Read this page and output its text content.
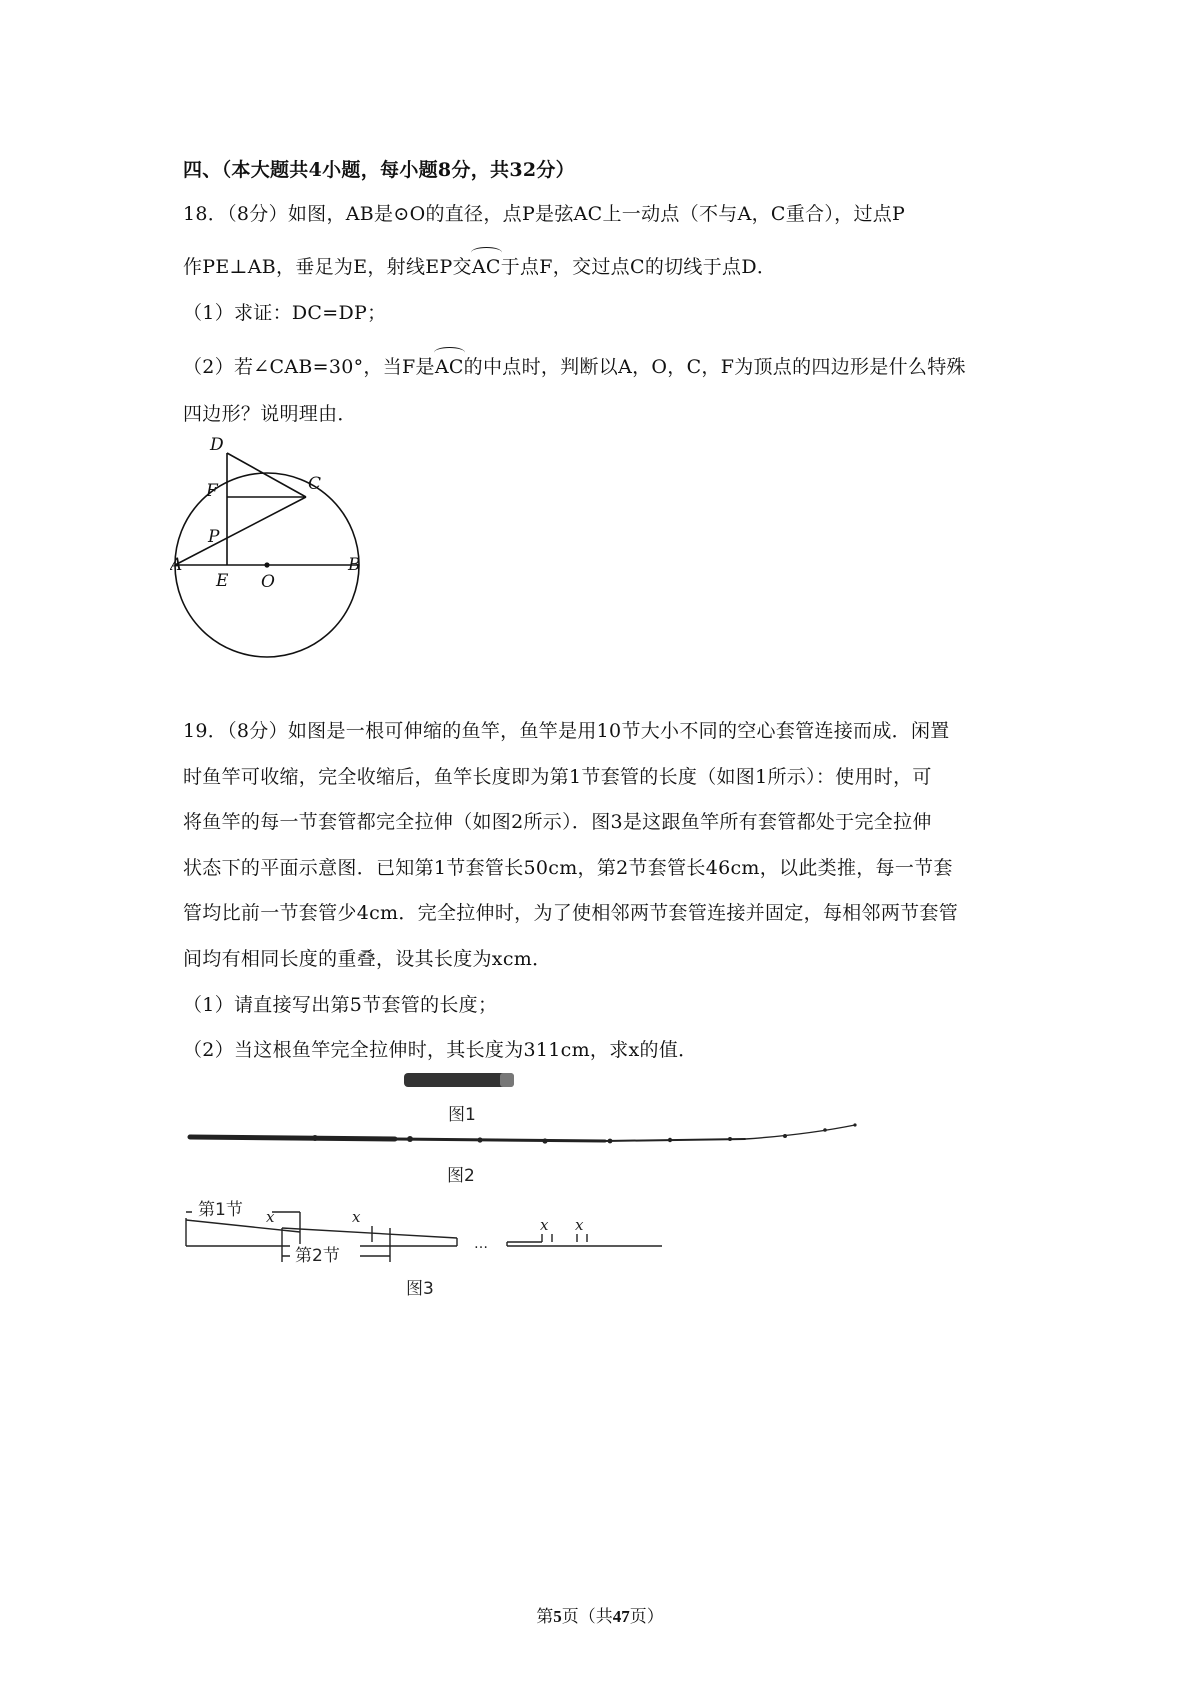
四、（本大题共4小题，每小题8分，共32分）
18．（8分）如图，AB是⊙O的直径，点P是弦AC上一动点（不与A，C重合），过点P
作PE⊥AB，垂足为E，射线EP交AC于点F，交过点C的切线于点D．
（1）求证：DC=DP；
（2）若∠CAB=30°，当F是AC的中点时，判断以A，O，C，F为顶点的四边形是什么特殊
四边形？说明理由．
D
F	C
P
A
E O
B
19．（8分）如图是一根可伸缩的鱼竿，鱼竿是用10节大小不同的空心套管连接而成．闲置
时鱼竿可收缩，完全收缩后，鱼竿长度即为第1节套管的长度（如图1所示）：使用时，可
将鱼竿的每一节套管都完全拉伸（如图2所示）．图3是这跟鱼竿所有套管都处于完全拉伸
状态下的平面示意图．已知第1节套管长50cm，第2节套管长46cm，以此类推，每一节套
管均比前一节套管少4cm．完全拉伸时，为了使相邻两节套管连接并固定，每相邻两节套管
间均有相同长度的重叠，设其长度为xcm．
（1）请直接写出第5节套管的长度；
（2）当这根鱼竿完全拉伸时，其长度为311cm，求x的值．
图1
图2
第1节
第2节
x	x	x x
…
图3
第5页（共47页）
